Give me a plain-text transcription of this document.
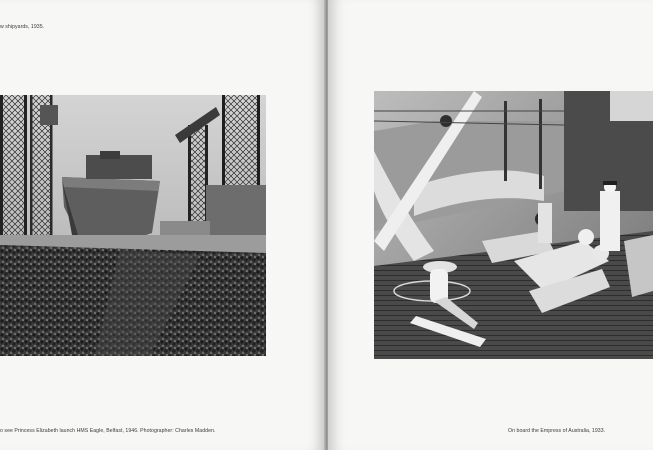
w shipyards, 1935.
o see Princess Elizabeth launch HMS Eagle, Belfast, 1946. Photographer: Charles Madden.	On board the Empress of Australia, 1933.
